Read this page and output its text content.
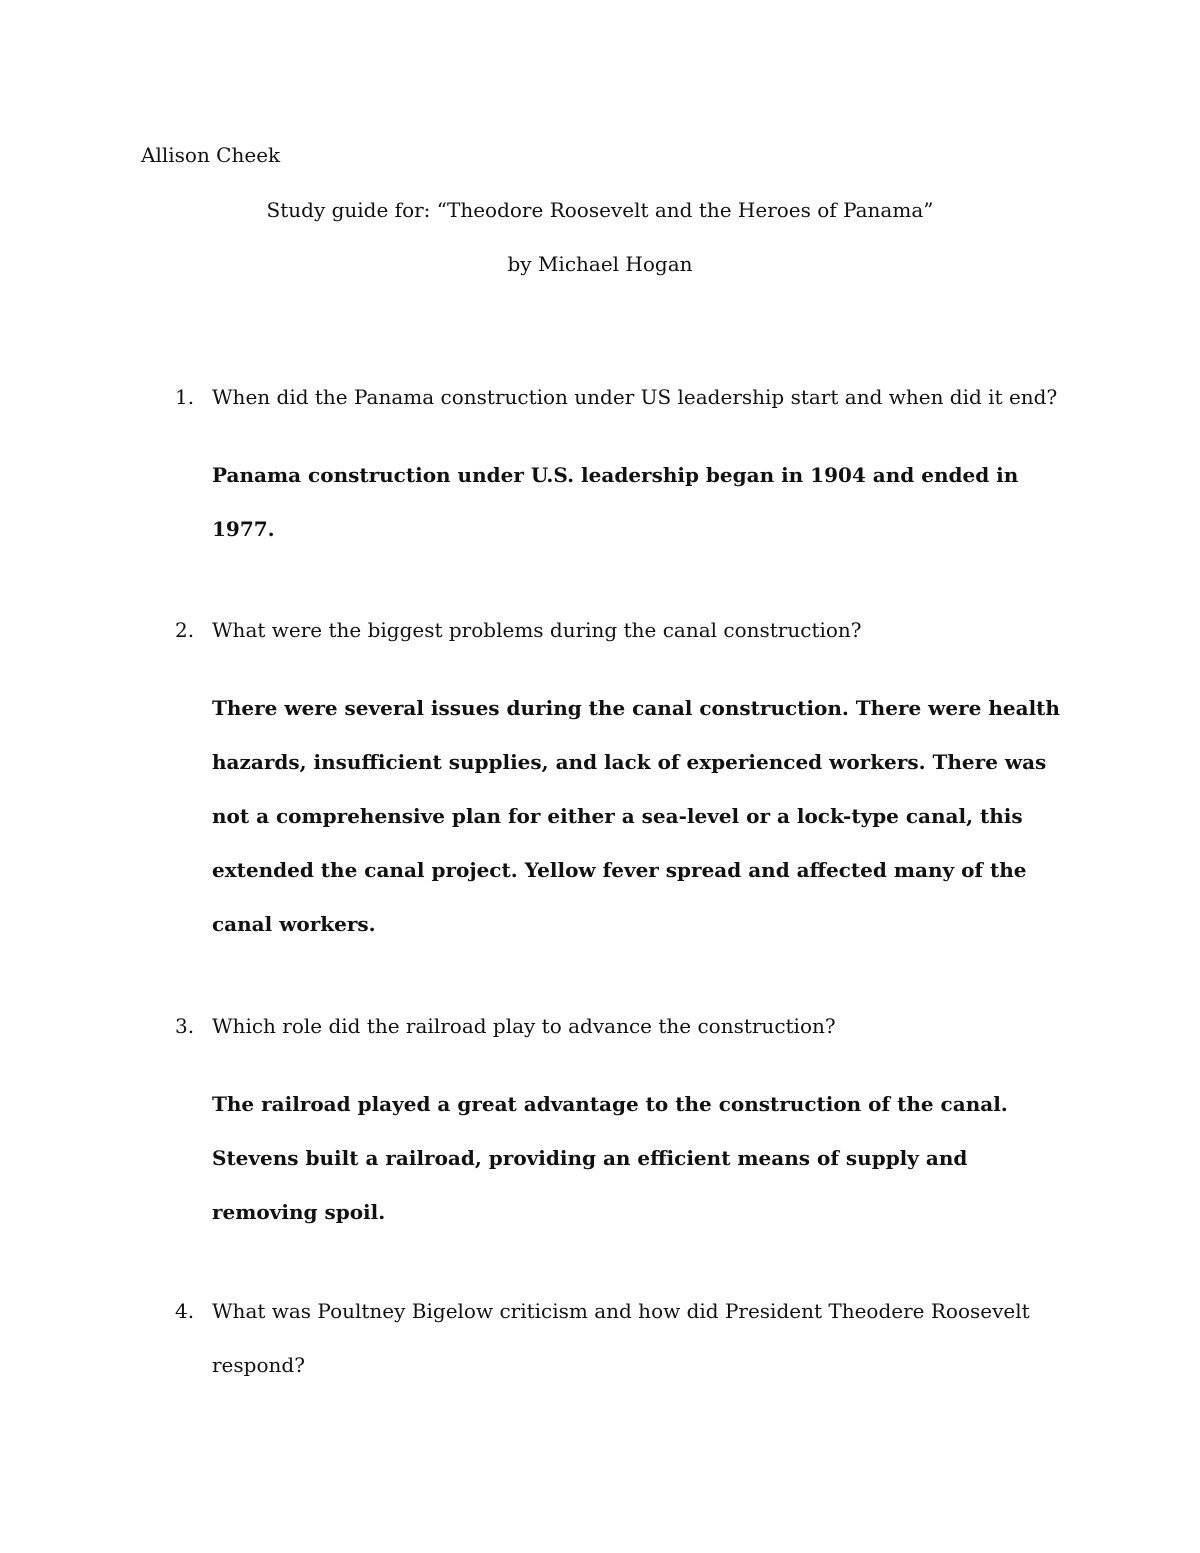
Allison Cheek
Study guide for: “Theodore Roosevelt and the Heroes of Panama”
by Michael Hogan
1. When did the Panama construction under US leadership start and when did it end?
Panama construction under U.S. leadership began in 1904 and ended in 1977.
2. What were the biggest problems during the canal construction?
There were several issues during the canal construction. There were health hazards, insufficient supplies, and lack of experienced workers. There was not a comprehensive plan for either a sea-level or a lock-type canal, this extended the canal project. Yellow fever spread and affected many of the canal workers.
3. Which role did the railroad play to advance the construction?
The railroad played a great advantage to the construction of the canal. Stevens built a railroad, providing an efficient means of supply and removing spoil.
4. What was Poultney Bigelow criticism and how did President Theodere Roosevelt respond?
